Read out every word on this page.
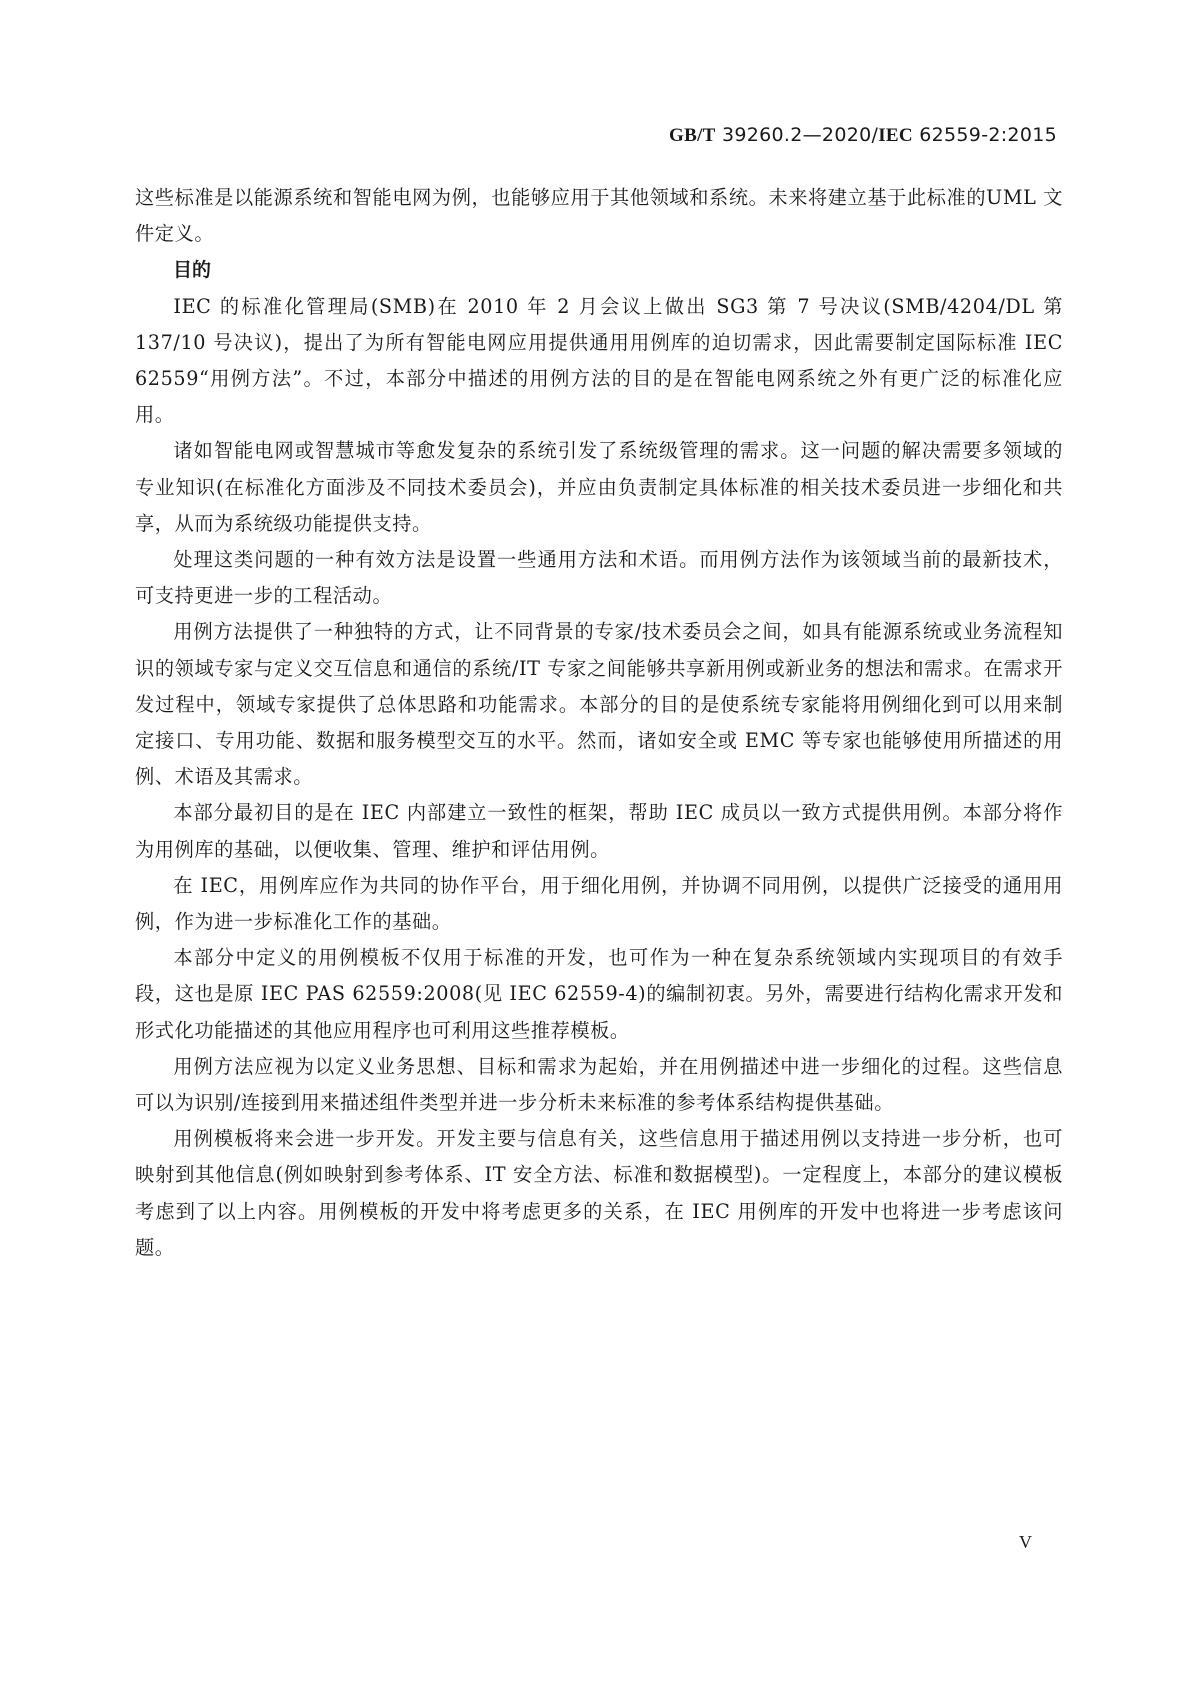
GB/T 39260.2—2020/IEC 62559-2:2015

这些标准是以能源系统和智能电网为例，也能够应用于其他领域和系统。未来将建立基于此标准的UML 文件定义。

目的

IEC 的标准化管理局(SMB)在 2010 年 2 月会议上做出 SG3 第 7 号决议(SMB/4204/DL 第 137/10 号决议)，提出了为所有智能电网应用提供通用用例库的迫切需求，因此需要制定国际标准 IEC 62559“用例方法”。不过，本部分中描述的用例方法的目的是在智能电网系统之外有更广泛的标准化应用。

诸如智能电网或智慧城市等愈发复杂的系统引发了系统级管理的需求。这一问题的解决需要多领域的专业知识(在标准化方面涉及不同技术委员会)，并应由负责制定具体标准的相关技术委员进一步细化和共享，从而为系统级功能提供支持。

处理这类问题的一种有效方法是设置一些通用方法和术语。而用例方法作为该领域当前的最新技术，可支持更进一步的工程活动。

用例方法提供了一种独特的方式，让不同背景的专家/技术委员会之间，如具有能源系统或业务流程知识的领域专家与定义交互信息和通信的系统/IT 专家之间能够共享新用例或新业务的想法和需求。在需求开发过程中，领域专家提供了总体思路和功能需求。本部分的目的是使系统专家能将用例细化到可以用来制定接口、专用功能、数据和服务模型交互的水平。然而，诸如安全或 EMC 等专家也能够使用所描述的用例、术语及其需求。

本部分最初目的是在 IEC 内部建立一致性的框架，帮助 IEC 成员以一致方式提供用例。本部分将作为用例库的基础，以便收集、管理、维护和评估用例。

在 IEC，用例库应作为共同的协作平台，用于细化用例，并协调不同用例，以提供广泛接受的通用用例，作为进一步标准化工作的基础。

本部分中定义的用例模板不仅用于标准的开发，也可作为一种在复杂系统领域内实现项目的有效手段，这也是原 IEC PAS 62559:2008(见 IEC 62559-4)的编制初衷。另外，需要进行结构化需求开发和形式化功能描述的其他应用程序也可利用这些推荐模板。

用例方法应视为以定义业务思想、目标和需求为起始，并在用例描述中进一步细化的过程。这些信息可以为识别/连接到用来描述组件类型并进一步分析未来标准的参考体系结构提供基础。

用例模板将来会进一步开发。开发主要与信息有关，这些信息用于描述用例以支持进一步分析，也可映射到其他信息(例如映射到参考体系、IT 安全方法、标准和数据模型)。一定程度上，本部分的建议模板考虑到了以上内容。用例模板的开发中将考虑更多的关系，在 IEC 用例库的开发中也将进一步考虑该问题。

V
